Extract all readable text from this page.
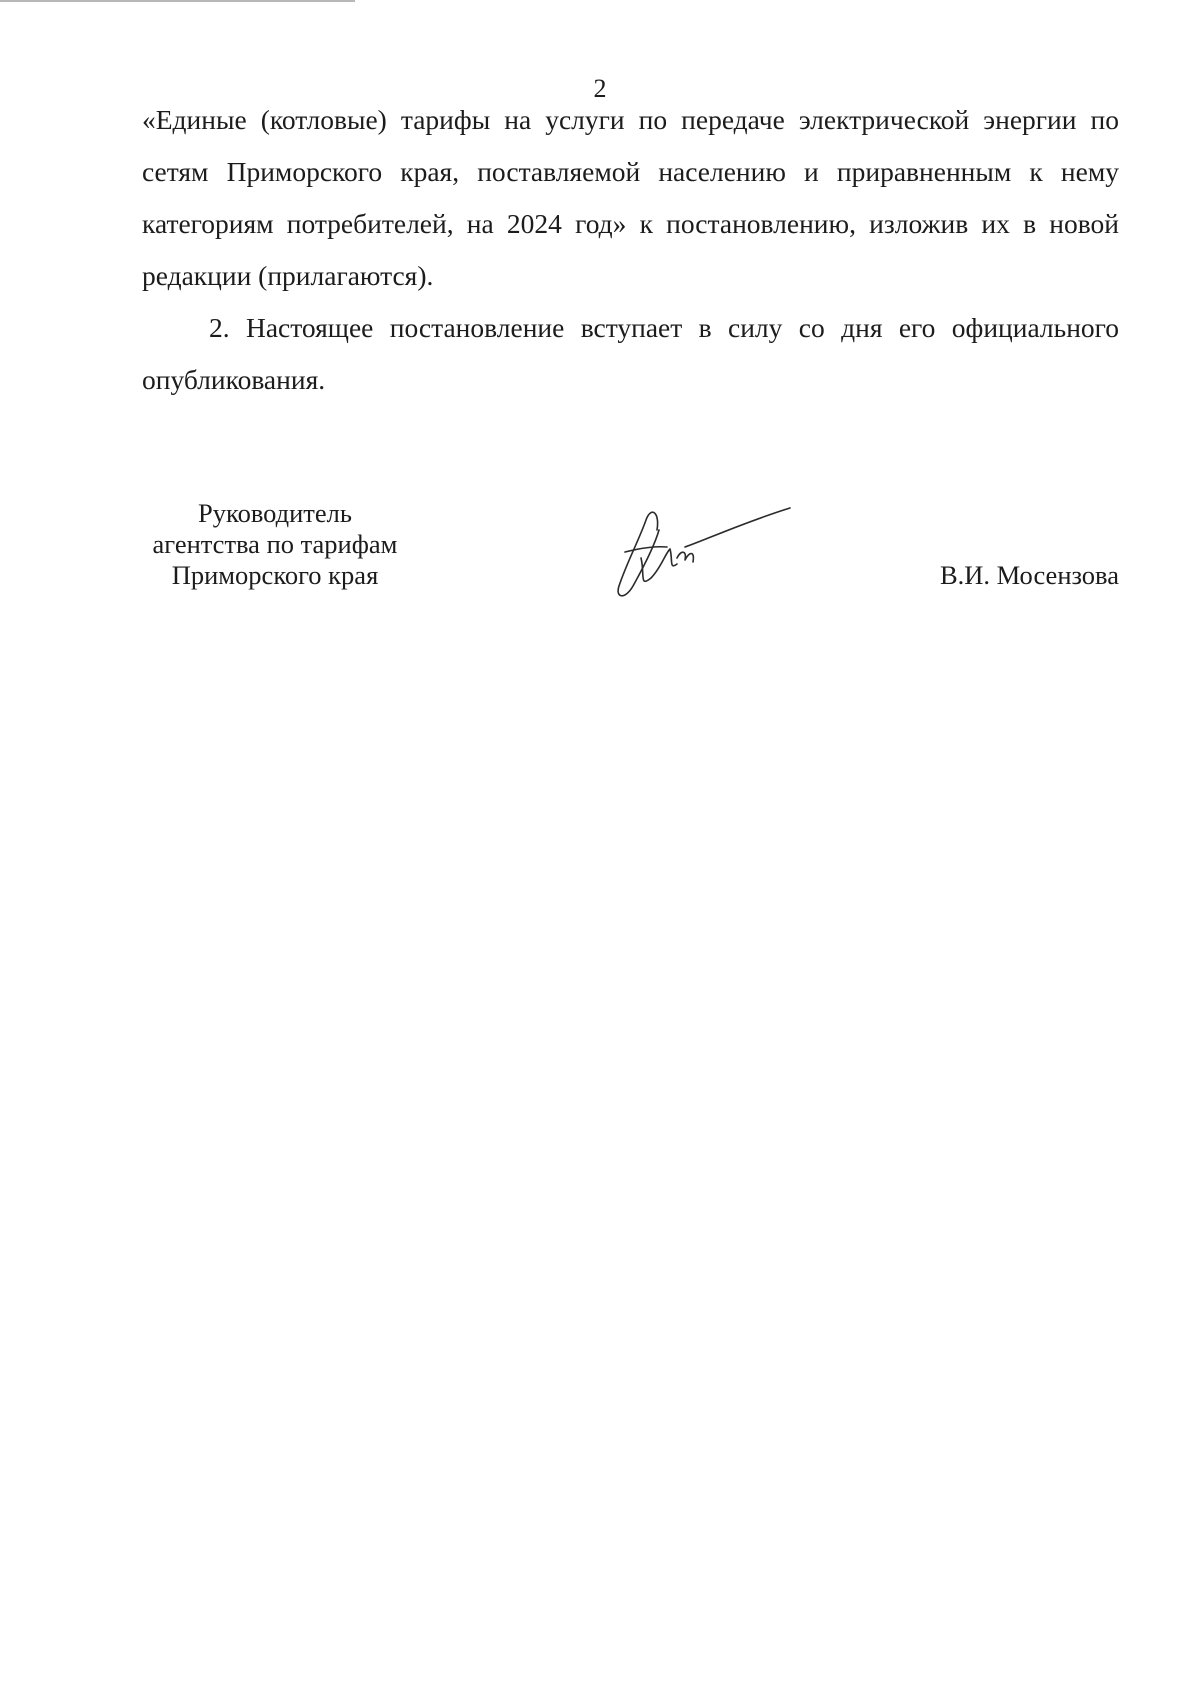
2

«Единые (котловые) тарифы на услуги по передаче электрической энергии по сетям Приморского края, поставляемой населению и приравненным к нему категориям потребителей, на 2024 год» к постановлению, изложив их в новой редакции (прилагаются).

2. Настоящее постановление вступает в силу со дня его официального опубликования.

Руководитель
агентства по тарифам
Приморского края	В.И. Мосензова
